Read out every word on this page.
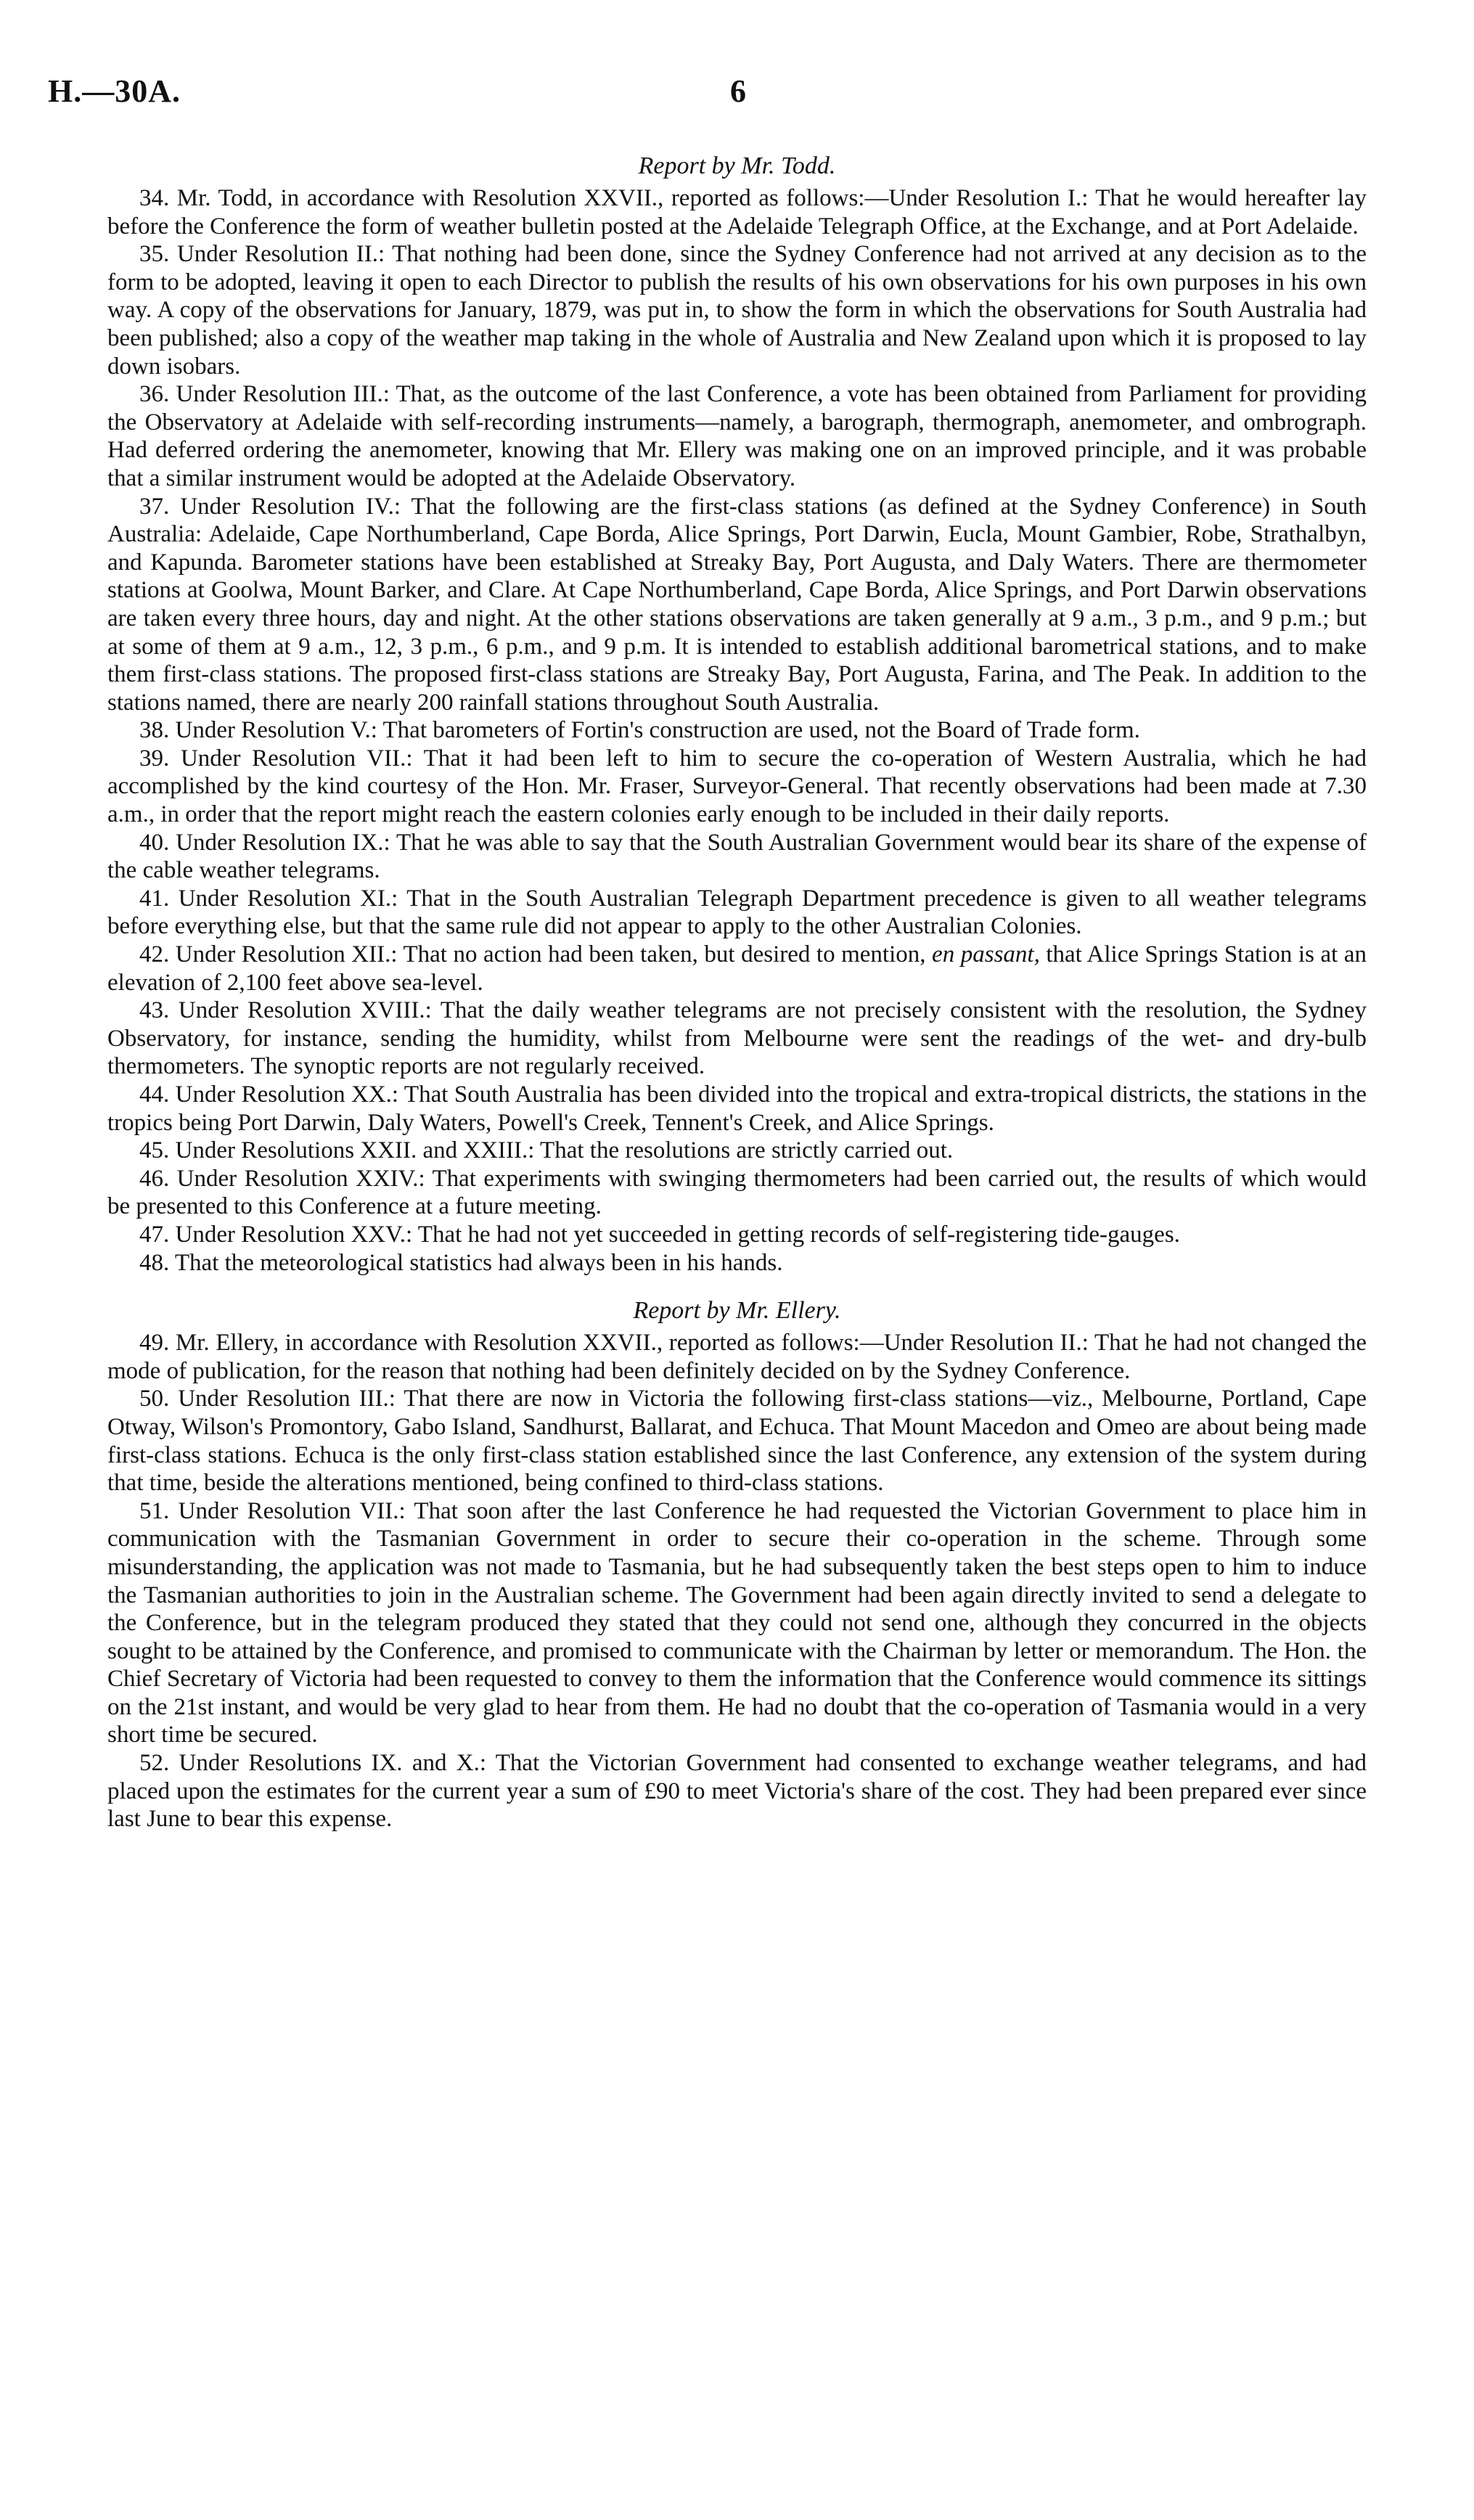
H.—30A.	6
Report by Mr. Todd.

34. Mr. Todd, in accordance with Resolution XXVII., reported as follows:—Under Resolution I.: That he would hereafter lay before the Conference the form of weather bulletin posted at the Adelaide Telegraph Office, at the Exchange, and at Port Adelaide.

35. Under Resolution II.: That nothing had been done, since the Sydney Conference had not arrived at any decision as to the form to be adopted, leaving it open to each Director to publish the results of his own observations for his own purposes in his own way. A copy of the observations for January, 1879, was put in, to show the form in which the observations for South Australia had been published; also a copy of the weather map taking in the whole of Australia and New Zealand upon which it is proposed to lay down isobars.

36. Under Resolution III.: That, as the outcome of the last Conference, a vote has been obtained from Parliament for providing the Observatory at Adelaide with self-recording instruments—namely, a barograph, thermograph, anemometer, and ombrograph. Had deferred ordering the anemometer, knowing that Mr. Ellery was making one on an improved principle, and it was probable that a similar instrument would be adopted at the Adelaide Observatory.

37. Under Resolution IV.: That the following are the first-class stations (as defined at the Sydney Conference) in South Australia: Adelaide, Cape Northumberland, Cape Borda, Alice Springs, Port Darwin, Eucla, Mount Gambier, Robe, Strathalbyn, and Kapunda. Barometer stations have been established at Streaky Bay, Port Augusta, and Daly Waters. There are thermometer stations at Goolwa, Mount Barker, and Clare. At Cape Northumberland, Cape Borda, Alice Springs, and Port Darwin observations are taken every three hours, day and night. At the other stations observations are taken generally at 9 a.m., 3 p.m., and 9 p.m.; but at some of them at 9 a.m., 12, 3 p.m., 6 p.m., and 9 p.m. It is intended to establish additional barometrical stations, and to make them first-class stations. The proposed first-class stations are Streaky Bay, Port Augusta, Farina, and The Peak. In addition to the stations named, there are nearly 200 rainfall stations throughout South Australia.

38. Under Resolution V.: That barometers of Fortin's construction are used, not the Board of Trade form.

39. Under Resolution VII.: That it had been left to him to secure the co-operation of Western Australia, which he had accomplished by the kind courtesy of the Hon. Mr. Fraser, Surveyor-General. That recently observations had been made at 7.30 a.m., in order that the report might reach the eastern colonies early enough to be included in their daily reports.

40. Under Resolution IX.: That he was able to say that the South Australian Government would bear its share of the expense of the cable weather telegrams.

41. Under Resolution XI.: That in the South Australian Telegraph Department precedence is given to all weather telegrams before everything else, but that the same rule did not appear to apply to the other Australian Colonies.

42. Under Resolution XII.: That no action had been taken, but desired to mention, en passant, that Alice Springs Station is at an elevation of 2,100 feet above sea-level.

43. Under Resolution XVIII.: That the daily weather telegrams are not precisely consistent with the resolution, the Sydney Observatory, for instance, sending the humidity, whilst from Melbourne were sent the readings of the wet- and dry-bulb thermometers. The synoptic reports are not regularly received.

44. Under Resolution XX.: That South Australia has been divided into the tropical and extra-tropical districts, the stations in the tropics being Port Darwin, Daly Waters, Powell's Creek, Tennent's Creek, and Alice Springs.

45. Under Resolutions XXII. and XXIII.: That the resolutions are strictly carried out.

46. Under Resolution XXIV.: That experiments with swinging thermometers had been carried out, the results of which would be presented to this Conference at a future meeting.

47. Under Resolution XXV.: That he had not yet succeeded in getting records of self-registering tide-gauges.

48. That the meteorological statistics had always been in his hands.

Report by Mr. Ellery.

49. Mr. Ellery, in accordance with Resolution XXVII., reported as follows:—Under Resolution II.: That he had not changed the mode of publication, for the reason that nothing had been definitely decided on by the Sydney Conference.

50. Under Resolution III.: That there are now in Victoria the following first-class stations—viz., Melbourne, Portland, Cape Otway, Wilson's Promontory, Gabo Island, Sandhurst, Ballarat, and Echuca. That Mount Macedon and Omeo are about being made first-class stations. Echuca is the only first-class station established since the last Conference, any extension of the system during that time, beside the alterations mentioned, being confined to third-class stations.

51. Under Resolution VII.: That soon after the last Conference he had requested the Victorian Government to place him in communication with the Tasmanian Government in order to secure their co-operation in the scheme. Through some misunderstanding, the application was not made to Tasmania, but he had subsequently taken the best steps open to him to induce the Tasmanian authorities to join in the Australian scheme. The Government had been again directly invited to send a delegate to the Conference, but in the telegram produced they stated that they could not send one, although they concurred in the objects sought to be attained by the Conference, and promised to communicate with the Chairman by letter or memorandum. The Hon. the Chief Secretary of Victoria had been requested to convey to them the information that the Conference would commence its sittings on the 21st instant, and would be very glad to hear from them. He had no doubt that the co-operation of Tasmania would in a very short time be secured.

52. Under Resolutions IX. and X.: That the Victorian Government had consented to exchange weather telegrams, and had placed upon the estimates for the current year a sum of £90 to meet Victoria's share of the cost. They had been prepared ever since last June to bear this expense.
